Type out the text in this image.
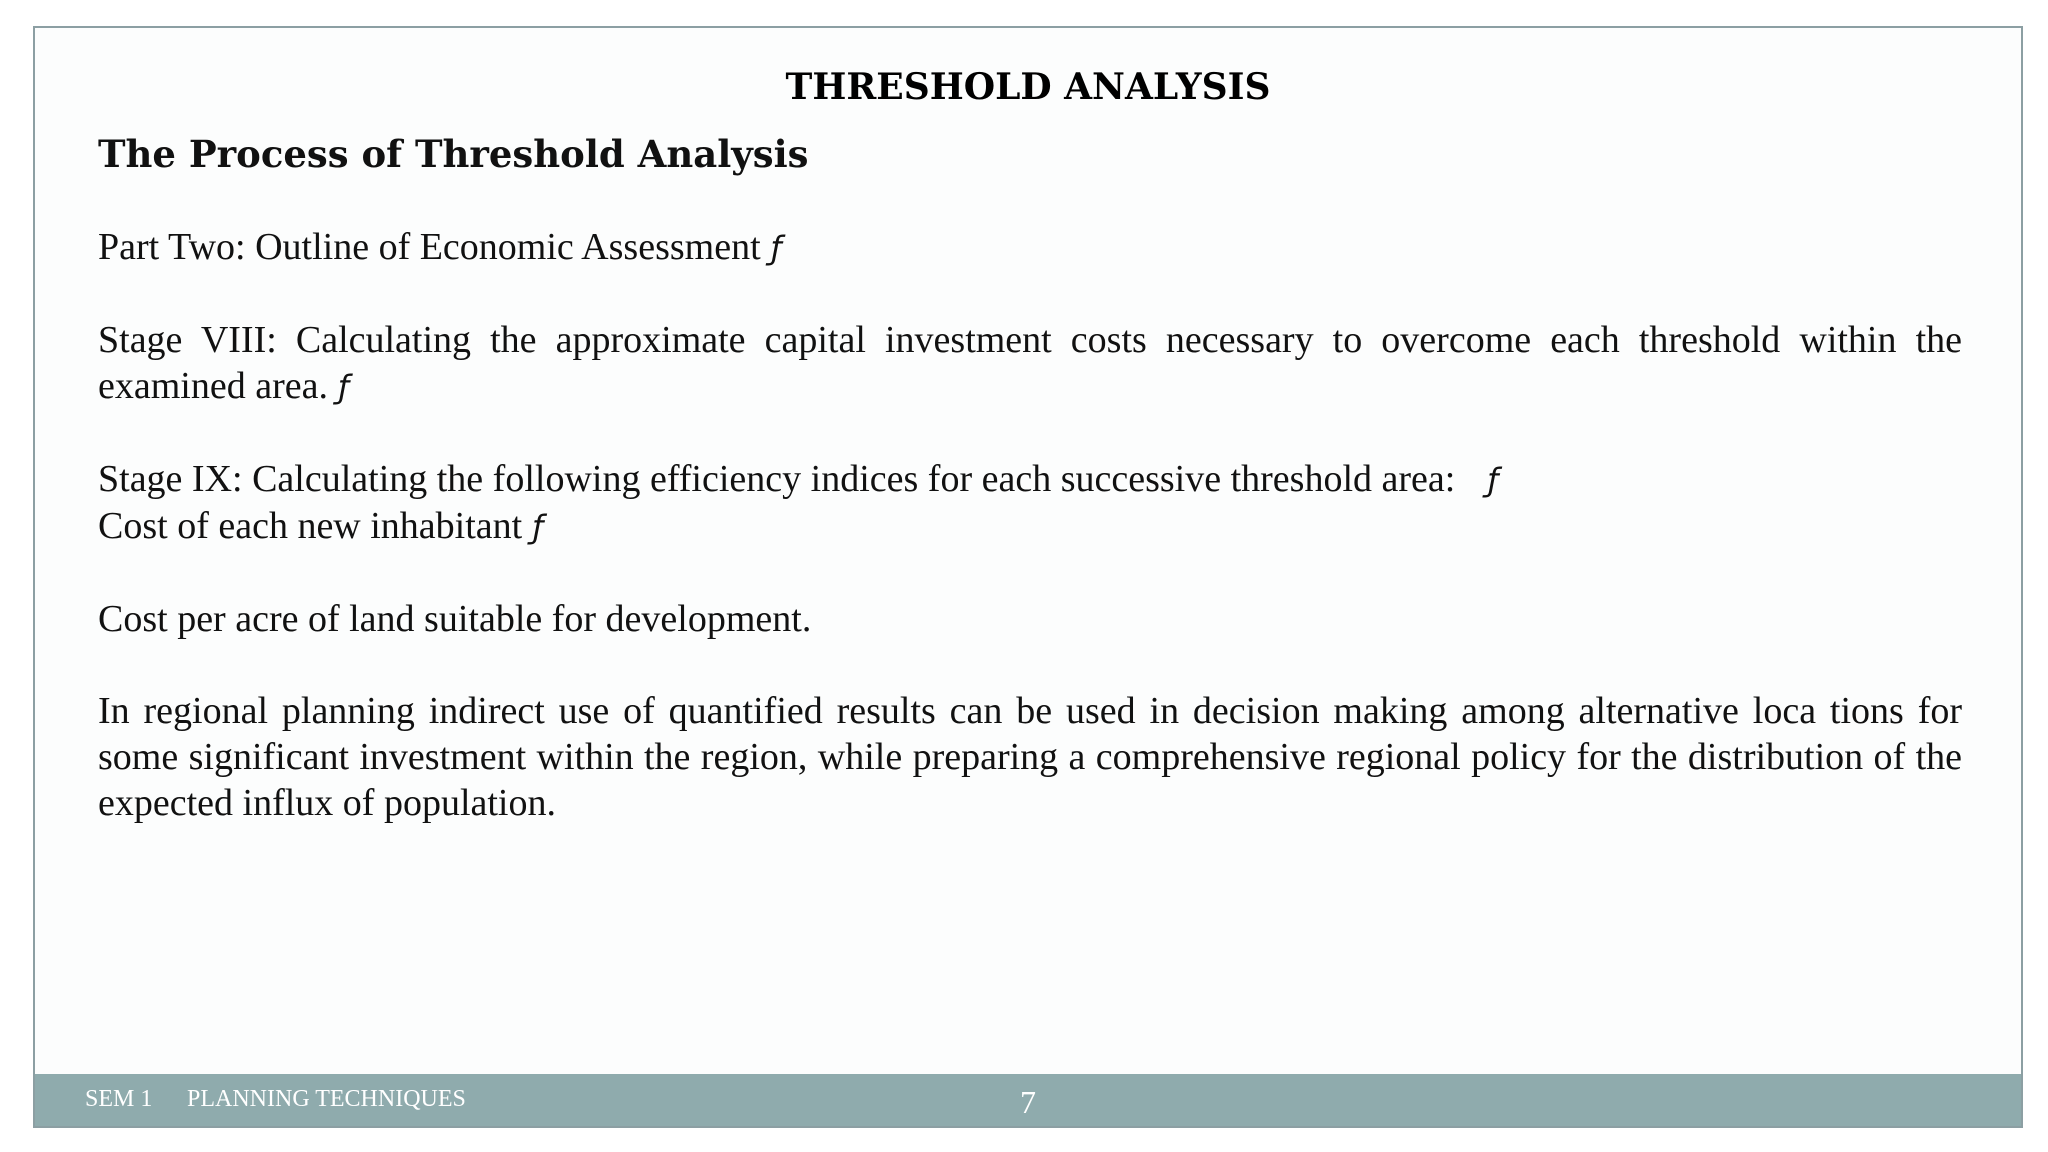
THRESHOLD ANALYSIS
The Process of Threshold Analysis

Part Two: Outline of Economic Assessment ƒ

Stage VIII: Calculating the approximate capital investment costs necessary to overcome each threshold within the examined area. ƒ

Stage IX: Calculating the following efficiency indices for each successive threshold area: ƒ

Cost of each new inhabitant ƒ

Cost per acre of land suitable for development.

In regional planning indirect use of quantified results can be used in decision making among alternative loca tions for some significant investment within the region, while preparing a comprehensive regional policy for the distribution of the expected influx of population.

SEM 1 PLANNING TECHNIQUES	7
